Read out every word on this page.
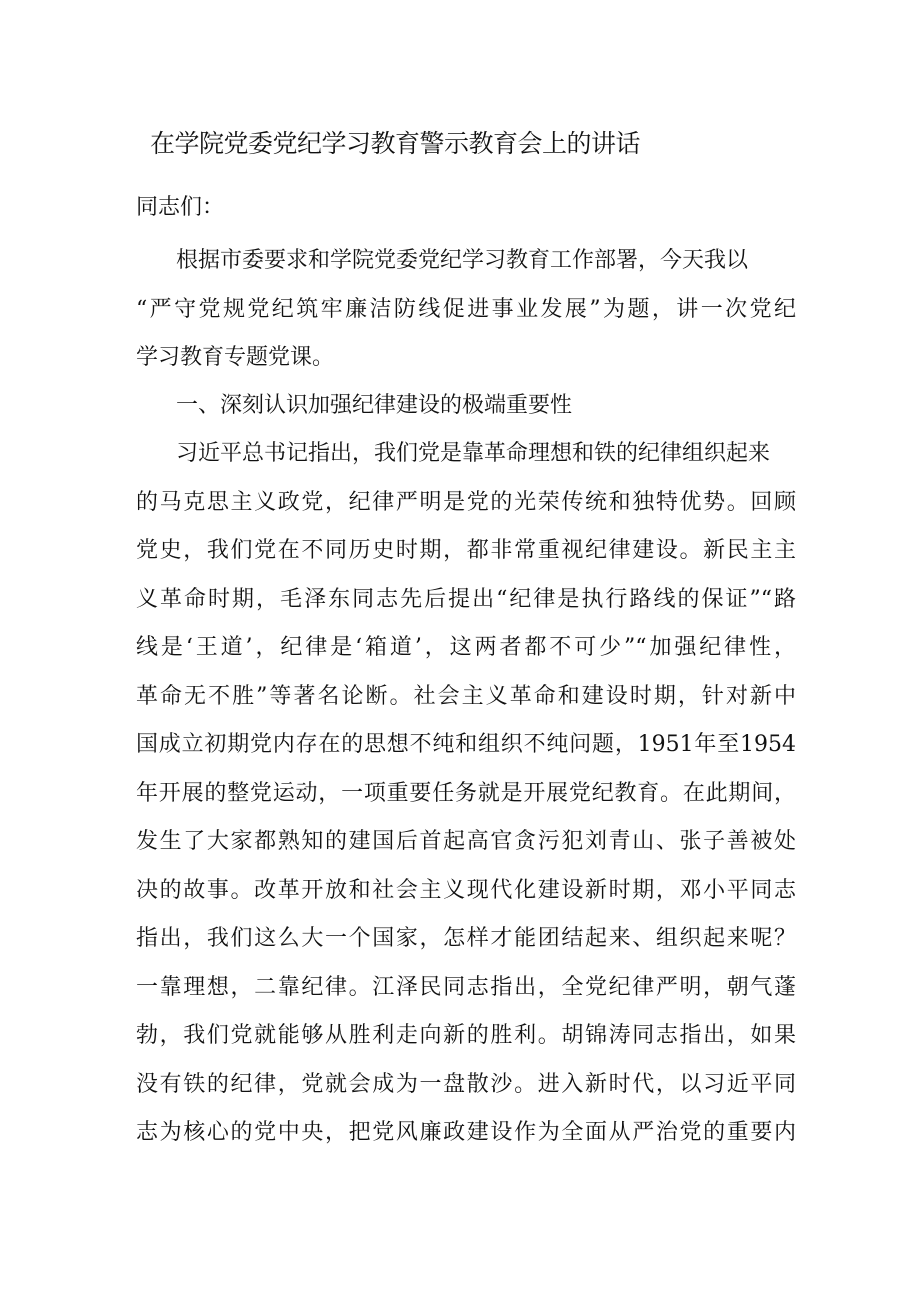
在学院党委党纪学习教育警示教育会上的讲话
同志们：
根据市委要求和学院党委党纪学习教育工作部署，今天我以
“严守党规党纪筑牢廉洁防线促进事业发展”为题，讲一次党纪
学习教育专题党课。
一、深刻认识加强纪律建设的极端重要性
习近平总书记指出，我们党是靠革命理想和铁的纪律组织起来
的马克思主义政党，纪律严明是党的光荣传统和独特优势。回顾
党史，我们党在不同历史时期，都非常重视纪律建设。新民主主
义革命时期，毛泽东同志先后提出“纪律是执行路线的保证”“路
线是‘王道’，纪律是‘箱道’，这两者都不可少”“加强纪律性，
革命无不胜”等著名论断。社会主义革命和建设时期，针对新中
国成立初期党内存在的思想不纯和组织不纯问题，1951年至1954
年开展的整党运动，一项重要任务就是开展党纪教育。在此期间，
发生了大家都熟知的建国后首起高官贪污犯刘青山、张子善被处
决的故事。改革开放和社会主义现代化建设新时期，邓小平同志
指出，我们这么大一个国家，怎样才能团结起来、组织起来呢？
一靠理想，二靠纪律。江泽民同志指出，全党纪律严明，朝气蓬
勃，我们党就能够从胜利走向新的胜利。胡锦涛同志指出，如果
没有铁的纪律，党就会成为一盘散沙。进入新时代，以习近平同
志为核心的党中央，把党风廉政建设作为全面从严治党的重要内
